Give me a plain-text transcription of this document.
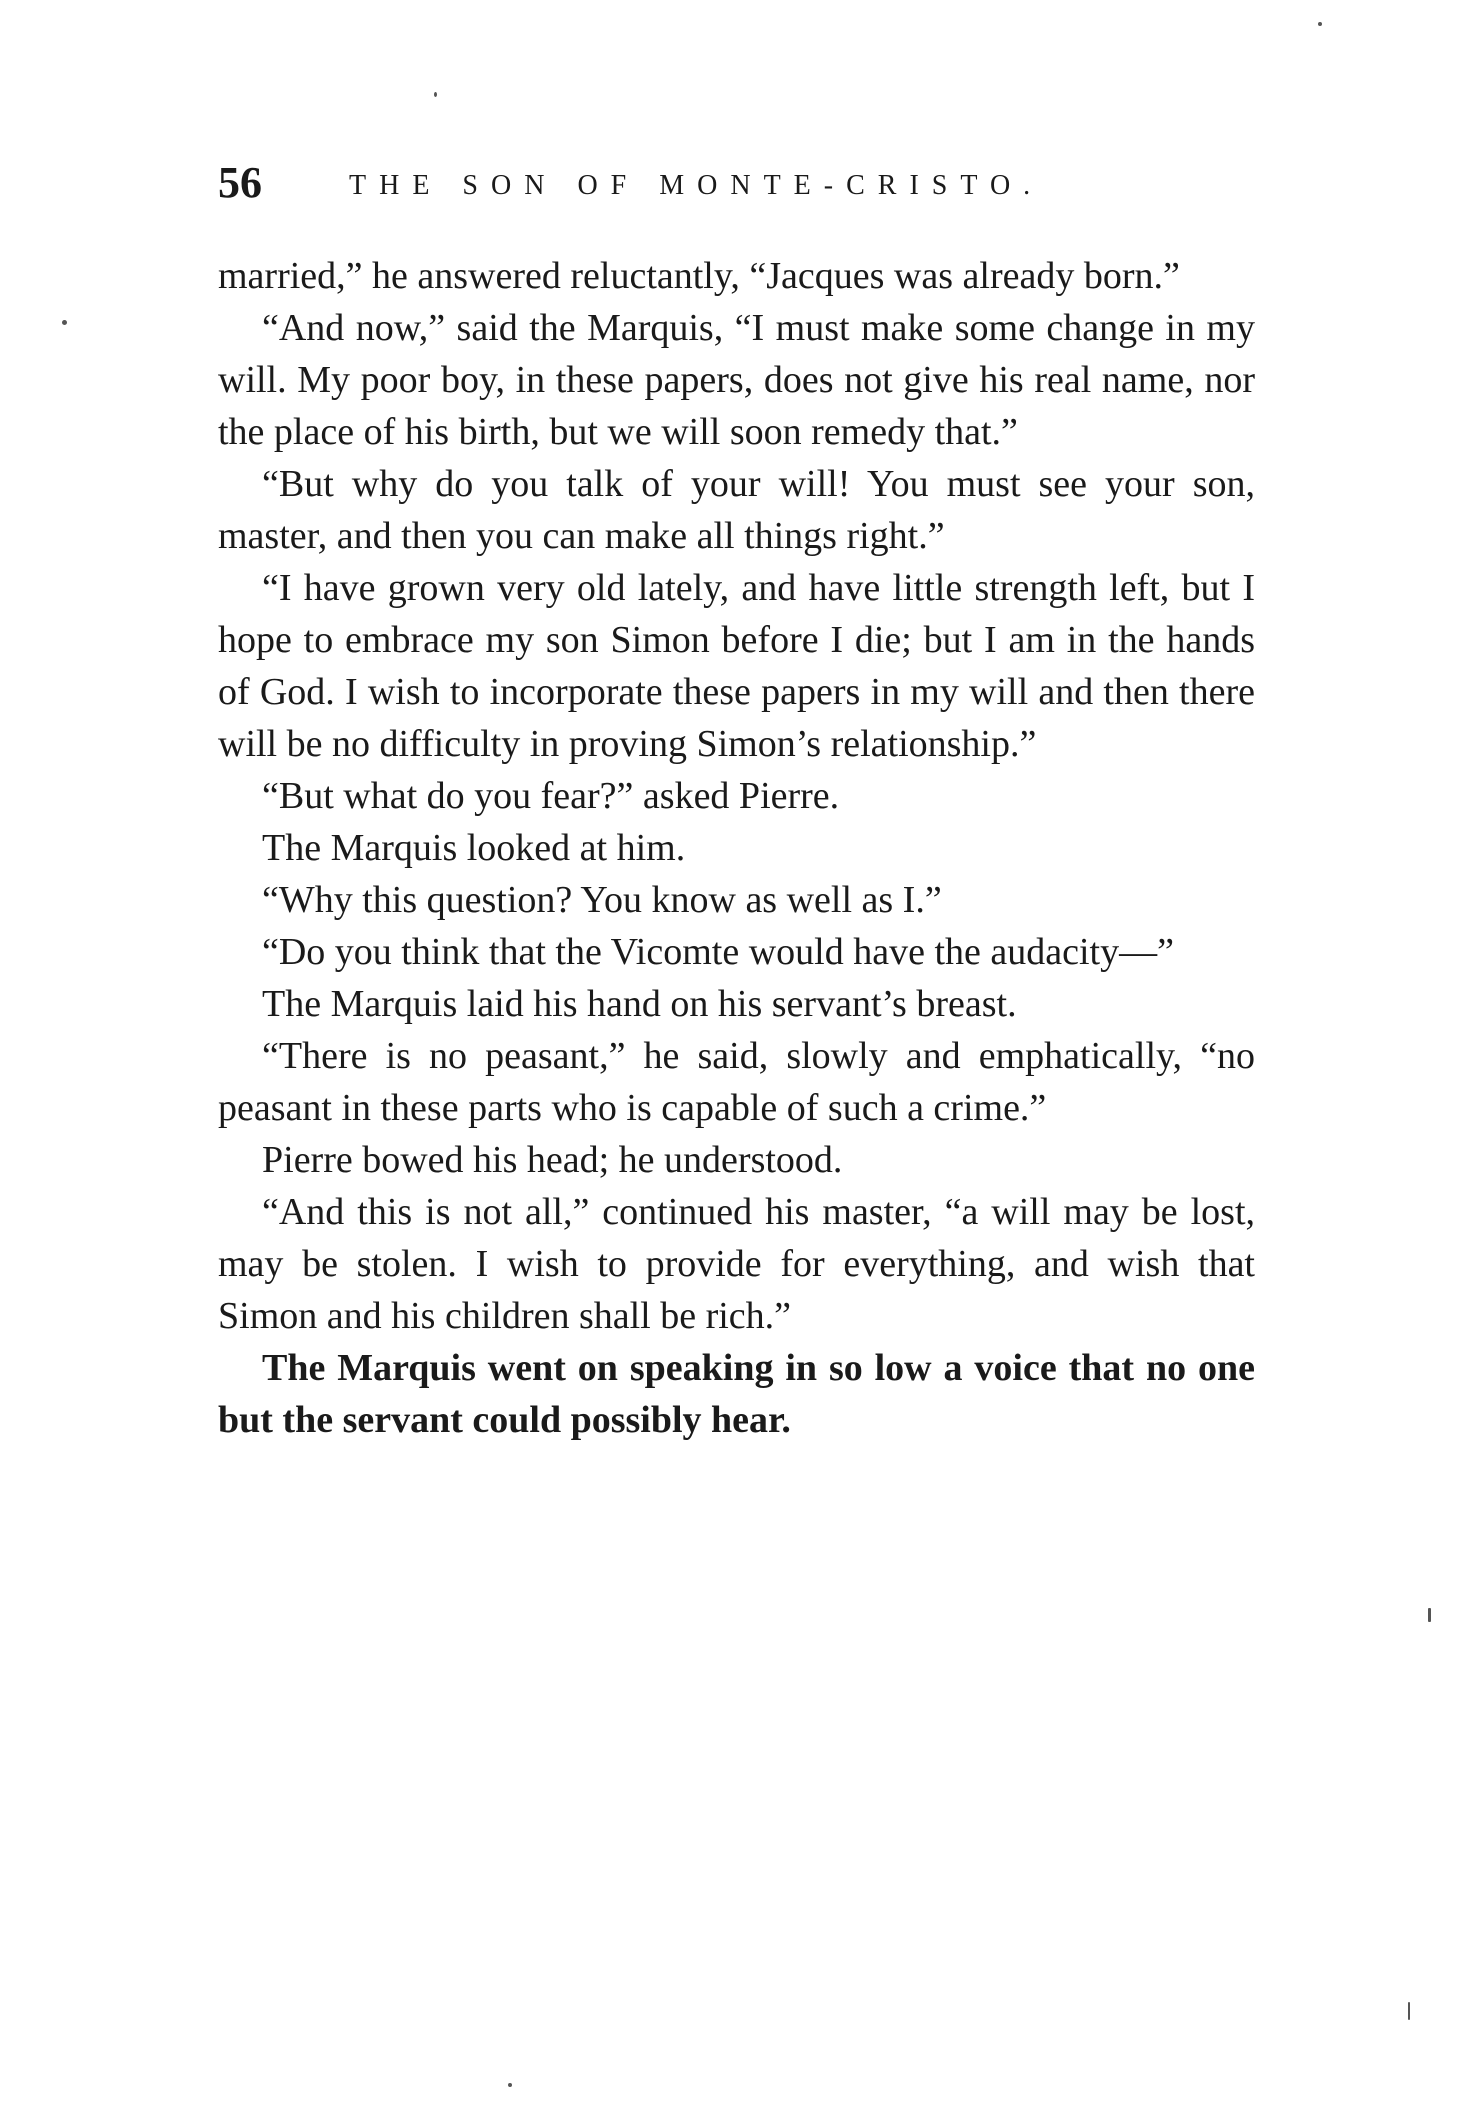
56	THE SON OF MONTE-CRISTO.

married,” he answered reluctantly, “Jacques was already born.”

“And now,” said the Marquis, “I must make some change in my will. My poor boy, in these papers, does not give his real name, nor the place of his birth, but we will soon remedy that.”

“But why do you talk of your will! You must see your son, master, and then you can make all things right.”

“I have grown very old lately, and have little strength left, but I hope to embrace my son Simon before I die; but I am in the hands of God. I wish to incorporate these papers in my will and then there will be no difficulty in proving Simon’s relationship.”

“But what do you fear?” asked Pierre.

The Marquis looked at him.

“Why this question? You know as well as I.”

“Do you think that the Vicomte would have the audacity—”

The Marquis laid his hand on his servant’s breast.

“There is no peasant,” he said, slowly and emphatically, “no peasant in these parts who is capable of such a crime.”

Pierre bowed his head; he understood.

“And this is not all,” continued his master, “a will may be lost, may be stolen. I wish to provide for everything, and wish that Simon and his children shall be rich.”

The Marquis went on speaking in so low a voice that no one but the servant could possibly hear.
